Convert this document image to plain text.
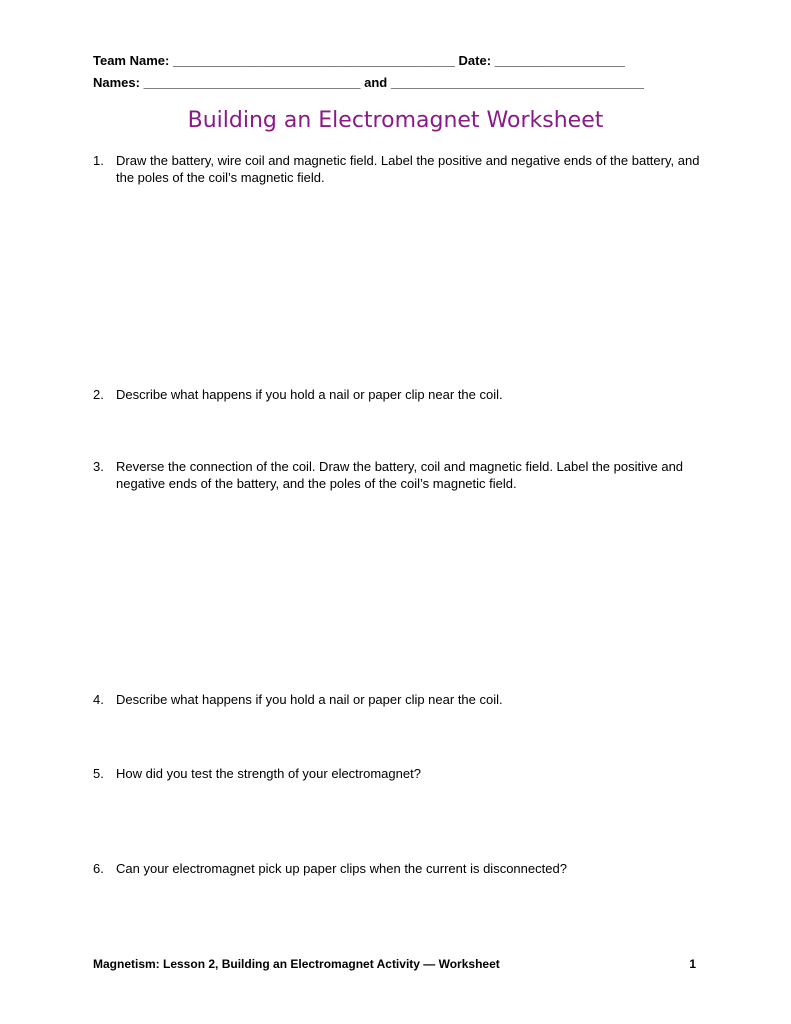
Team Name: _______________________________________ Date: __________________
Names: ______________________________ and ___________________________________
Building an Electromagnet Worksheet
1. Draw the battery, wire coil and magnetic field. Label the positive and negative ends of the battery, and the poles of the coil’s magnetic field.
2. Describe what happens if you hold a nail or paper clip near the coil.
3. Reverse the connection of the coil. Draw the battery, coil and magnetic field. Label the positive and negative ends of the battery, and the poles of the coil’s magnetic field.
4. Describe what happens if you hold a nail or paper clip near the coil.
5. How did you test the strength of your electromagnet?
6. Can your electromagnet pick up paper clips when the current is disconnected?
Magnetism: Lesson 2, Building an Electromagnet Activity — Worksheet	1
